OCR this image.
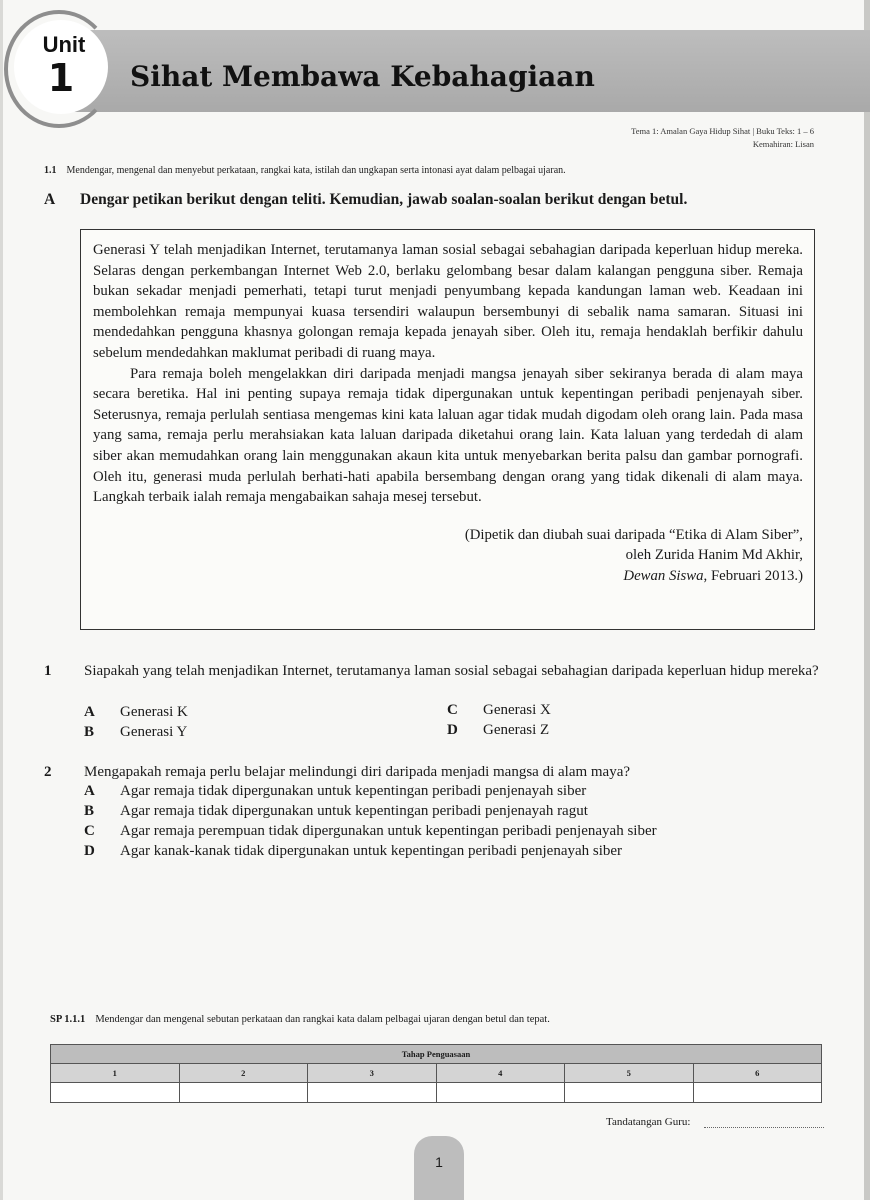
Unit
1	Sihat Membawa Kebahagiaan
Tema 1: Amalan Gaya Hidup Sihat | Buku Teks: 1 – 6
Kemahiran: Lisan
1.1 Mendengar, mengenal dan menyebut perkataan, rangkai kata, istilah dan ungkapan serta intonasi ayat dalam pelbagai ujaran.
A Dengar petikan berikut dengan teliti. Kemudian, jawab soalan-soalan berikut dengan betul.

Generasi Y telah menjadikan Internet, terutamanya laman sosial sebagai sebahagian daripada keperluan hidup mereka. Selaras dengan perkembangan Internet Web 2.0, berlaku gelombang besar dalam kalangan pengguna siber. Remaja bukan sekadar menjadi pemerhati, tetapi turut menjadi penyumbang kepada kandungan laman web. Keadaan ini membolehkan remaja mempunyai kuasa tersendiri walaupun bersembunyi di sebalik nama samaran. Situasi ini mendedahkan pengguna khasnya golongan remaja kepada jenayah siber. Oleh itu, remaja hendaklah berfikir dahulu sebelum mendedahkan maklumat peribadi di ruang maya.

Para remaja boleh mengelakkan diri daripada menjadi mangsa jenayah siber sekiranya berada di alam maya secara beretika. Hal ini penting supaya remaja tidak dipergunakan untuk kepentingan peribadi penjenayah siber. Seterusnya, remaja perlulah sentiasa mengemas kini kata laluan agar tidak mudah digodam oleh orang lain. Pada masa yang sama, remaja perlu merahsiakan kata laluan daripada diketahui orang lain. Kata laluan yang terdedah di alam siber akan memudahkan orang lain menggunakan akaun kita untuk menyebarkan berita palsu dan gambar pornografi. Oleh itu, generasi muda perlulah berhati-hati apabila bersembang dengan orang yang tidak dikenali di alam maya. Langkah terbaik ialah remaja mengabaikan sahaja mesej tersebut.

(Dipetik dan diubah suai daripada “Etika di Alam Siber”,
oleh Zurida Hanim Md Akhir,
Dewan Siswa, Februari 2013.)
1	Siapakah yang telah menjadikan Internet, terutamanya laman sosial sebagai sebahagian daripada keperluan hidup mereka?
A Generasi K
B Generasi Y
C Generasi X
D Generasi Z
2	Mengapakah remaja perlu belajar melindungi diri daripada menjadi mangsa di alam maya?
A Agar remaja tidak dipergunakan untuk kepentingan peribadi penjenayah siber
B Agar remaja tidak dipergunakan untuk kepentingan peribadi penjenayah ragut
C Agar remaja perempuan tidak dipergunakan untuk kepentingan peribadi penjenayah siber
D Agar kanak-kanak tidak dipergunakan untuk kepentingan peribadi penjenayah siber
SP 1.1.1 Mendengar dan mengenal sebutan perkataan dan rangkai kata dalam pelbagai ujaran dengan betul dan tepat.
Tahap Penguasaan					
1	2	3	4	5	6

Tandatangan Guru:
1
